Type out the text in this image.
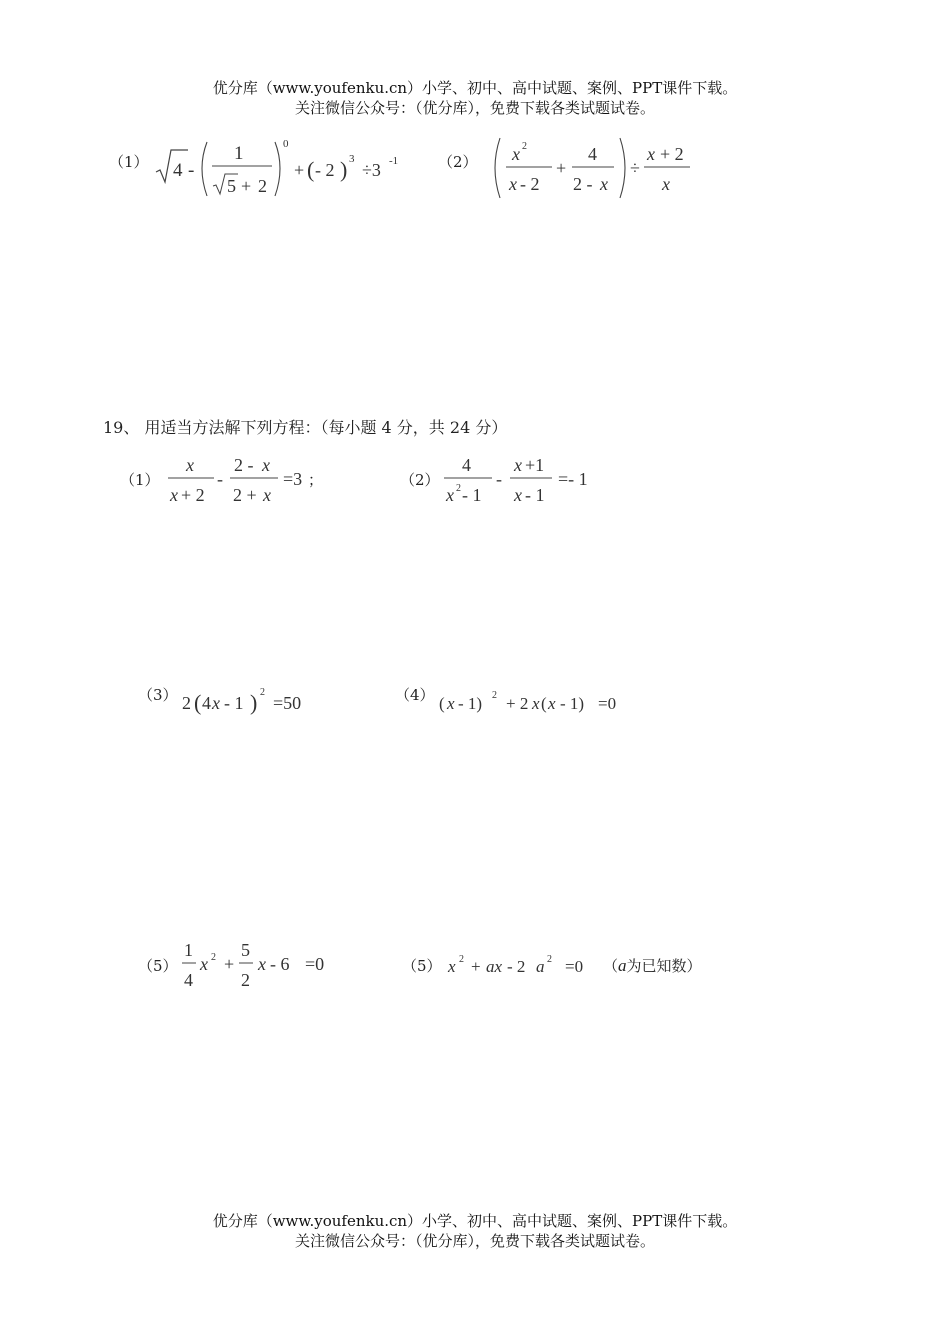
优分库（www.youfenku.cn）小学、初中、高中试题、案例、PPT课件下载。
关注微信公众号：（优分库），免费下载各类试题试卷。
（1） 4 -
1
5 + 2
0
+ ( - 2 ) 3
÷3 -1	（2） x 2
x - 2
+
4
2 - x
÷
x + 2
x
19、 用适当方法解下列方程：（每小题 4 分，共 24 分）
（1）
x
x + 2
-
2 - x
2 + x
=3 ；	（2）
4
x 2 - 1
-
x +1
x - 1
=- 1
（3） 2 ( 4 x - 1 ) 2
=50	（4） ( x - 1) 2 + 2 x ( x - 1) =0
（5）
1
4
x 2 +
5
2
x - 6 =0	（5） x 2 + ax - 2 a 2 =0 （a为已知数）
优分库（www.youfenku.cn）小学、初中、高中试题、案例、PPT课件下载。
关注微信公众号：（优分库），免费下载各类试题试卷。
